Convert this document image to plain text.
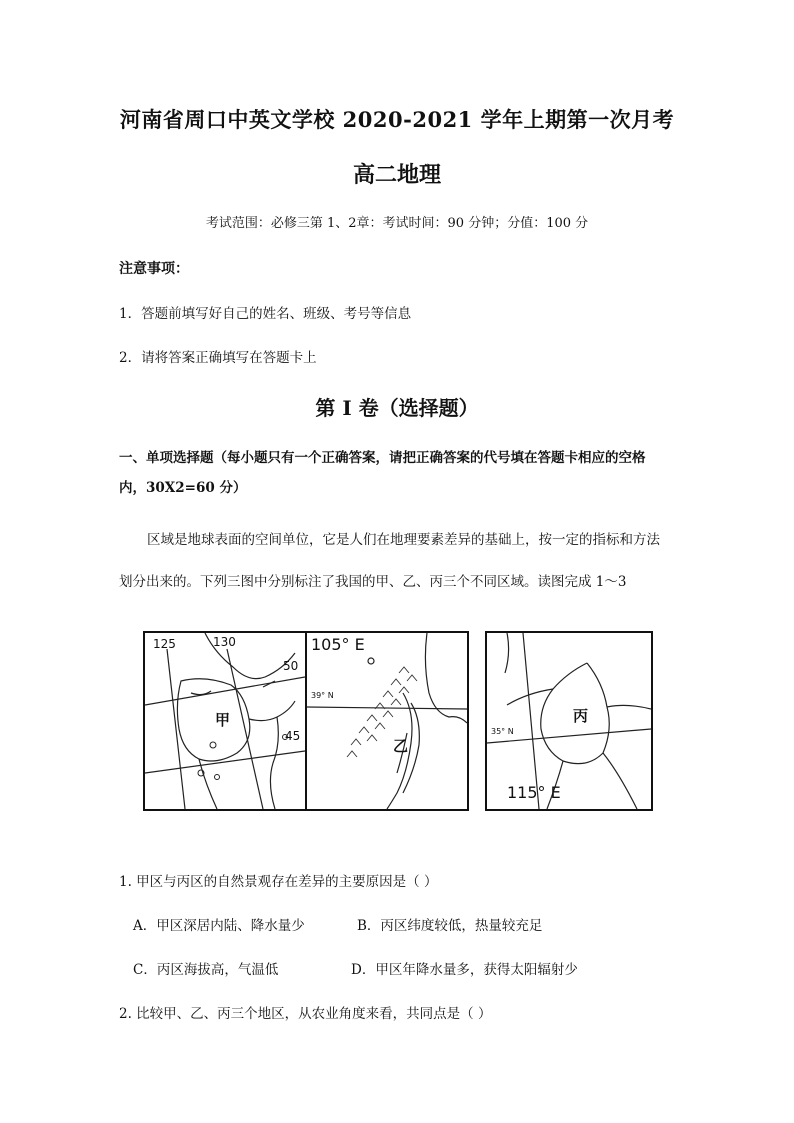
河南省周口中英文学校 2020-2021 学年上期第一次月考
高二地理
考试范围：必修三第 1、2章：考试时间：90 分钟；分值：100 分
注意事项：
1．答题前填写好自己的姓名、班级、考号等信息
2．请将答案正确填写在答题卡上
第 I 卷（选择题）
一、单项选择题（每小题只有一个正确答案，请把正确答案的代号填在答题卡相应的空格
内，30X2=60 分）
区域是地球表面的空间单位，它是人们在地理要素差异的基础上，按一定的指标和方法
划分出来的。下列三图中分别标注了我国的甲、乙、丙三个不同区域。读图完成 1～3
125	130
50
45
甲
105° E
39° N
乙
35° N
115° E
丙
1. 甲区与丙区的自然景观存在差异的主要原因是（ ）
A．甲区深居内陆、降水量少	B．丙区纬度较低，热量较充足
C．丙区海拔高，气温低	D．甲区年降水量多，获得太阳辐射少
2. 比较甲、乙、丙三个地区，从农业角度来看，共同点是（ ）
